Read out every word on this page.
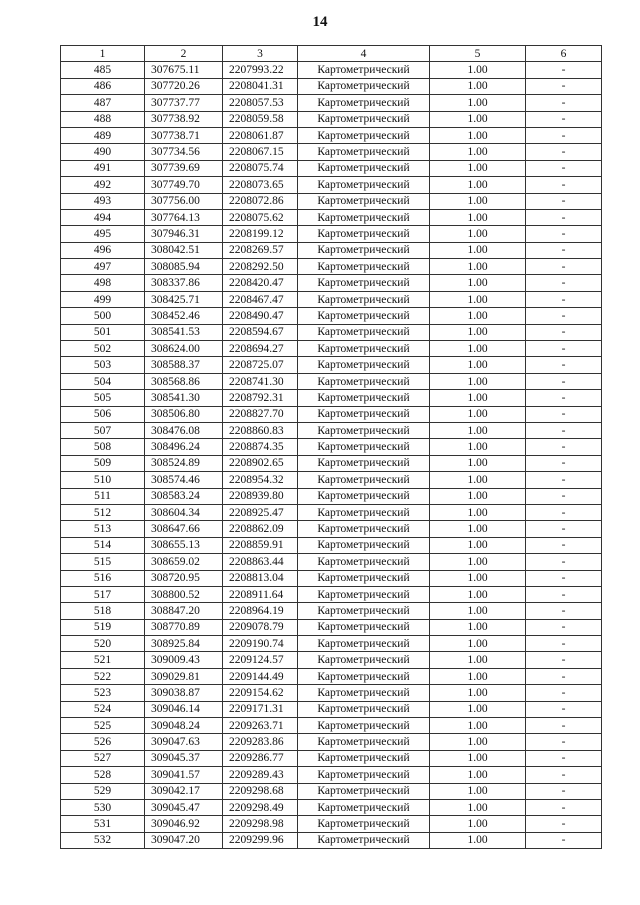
14
1	2	3	4	5	6
485	307675.11	2207993.22	Картометрический	1.00	-
486	307720.26	2208041.31	Картометрический	1.00	-
487	307737.77	2208057.53	Картометрический	1.00	-
488	307738.92	2208059.58	Картометрический	1.00	-
489	307738.71	2208061.87	Картометрический	1.00	-
490	307734.56	2208067.15	Картометрический	1.00	-
491	307739.69	2208075.74	Картометрический	1.00	-
492	307749.70	2208073.65	Картометрический	1.00	-
493	307756.00	2208072.86	Картометрический	1.00	-
494	307764.13	2208075.62	Картометрический	1.00	-
495	307946.31	2208199.12	Картометрический	1.00	-
496	308042.51	2208269.57	Картометрический	1.00	-
497	308085.94	2208292.50	Картометрический	1.00	-
498	308337.86	2208420.47	Картометрический	1.00	-
499	308425.71	2208467.47	Картометрический	1.00	-
500	308452.46	2208490.47	Картометрический	1.00	-
501	308541.53	2208594.67	Картометрический	1.00	-
502	308624.00	2208694.27	Картометрический	1.00	-
503	308588.37	2208725.07	Картометрический	1.00	-
504	308568.86	2208741.30	Картометрический	1.00	-
505	308541.30	2208792.31	Картометрический	1.00	-
506	308506.80	2208827.70	Картометрический	1.00	-
507	308476.08	2208860.83	Картометрический	1.00	-
508	308496.24	2208874.35	Картометрический	1.00	-
509	308524.89	2208902.65	Картометрический	1.00	-
510	308574.46	2208954.32	Картометрический	1.00	-
511	308583.24	2208939.80	Картометрический	1.00	-
512	308604.34	2208925.47	Картометрический	1.00	-
513	308647.66	2208862.09	Картометрический	1.00	-
514	308655.13	2208859.91	Картометрический	1.00	-
515	308659.02	2208863.44	Картометрический	1.00	-
516	308720.95	2208813.04	Картометрический	1.00	-
517	308800.52	2208911.64	Картометрический	1.00	-
518	308847.20	2208964.19	Картометрический	1.00	-
519	308770.89	2209078.79	Картометрический	1.00	-
520	308925.84	2209190.74	Картометрический	1.00	-
521	309009.43	2209124.57	Картометрический	1.00	-
522	309029.81	2209144.49	Картометрический	1.00	-
523	309038.87	2209154.62	Картометрический	1.00	-
524	309046.14	2209171.31	Картометрический	1.00	-
525	309048.24	2209263.71	Картометрический	1.00	-
526	309047.63	2209283.86	Картометрический	1.00	-
527	309045.37	2209286.77	Картометрический	1.00	-
528	309041.57	2209289.43	Картометрический	1.00	-
529	309042.17	2209298.68	Картометрический	1.00	-
530	309045.47	2209298.49	Картометрический	1.00	-
531	309046.92	2209298.98	Картометрический	1.00	-
532	309047.20	2209299.96	Картометрический	1.00	-
